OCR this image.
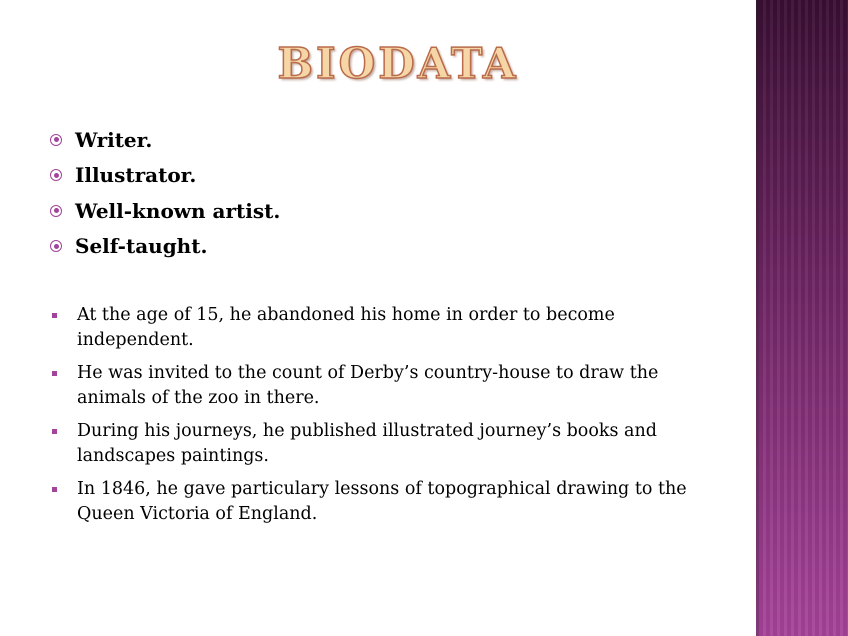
BIODATA
Writer.
Illustrator.
Well-known artist.
Self-taught.
At the age of 15, he abandoned his home in order to become independent.
He was invited to the count of Derby’s country-house to draw the animals of the zoo in there.
During his journeys, he published illustrated journey’s books and landscapes paintings.
In 1846, he gave particulary lessons of topographical drawing to the Queen Victoria of England.
